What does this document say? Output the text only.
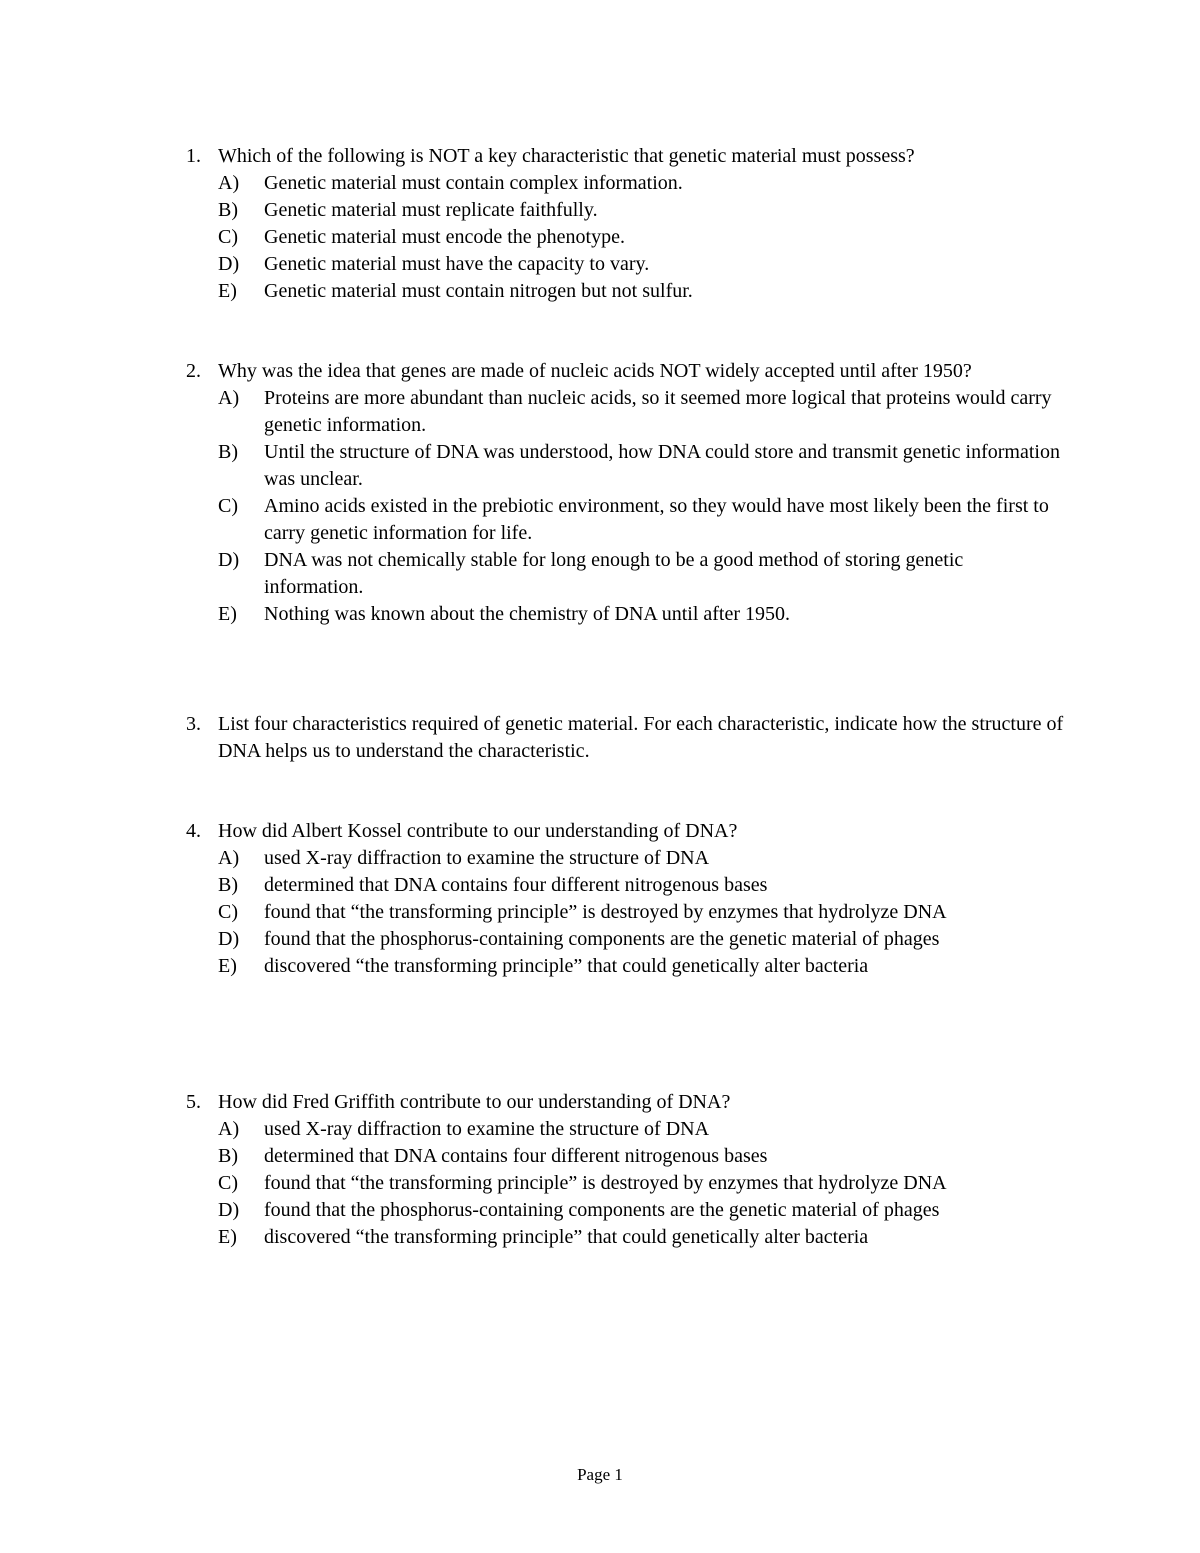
1. Which of the following is NOT a key characteristic that genetic material must possess?
A)	Genetic material must contain complex information.
B)	Genetic material must replicate faithfully.
C)	Genetic material must encode the phenotype.
D)	Genetic material must have the capacity to vary.
E)	Genetic material must contain nitrogen but not sulfur.
2. Why was the idea that genes are made of nucleic acids NOT widely accepted until after 1950?
A)	Proteins are more abundant than nucleic acids, so it seemed more logical that proteins would carry genetic information.
B)	Until the structure of DNA was understood, how DNA could store and transmit genetic information was unclear.
C)	Amino acids existed in the prebiotic environment, so they would have most likely been the first to carry genetic information for life.
D)	DNA was not chemically stable for long enough to be a good method of storing genetic information.
E)	Nothing was known about the chemistry of DNA until after 1950.
3. List four characteristics required of genetic material. For each characteristic, indicate how the structure of DNA helps us to understand the characteristic.
4. How did Albert Kossel contribute to our understanding of DNA?
A)	used X-ray diffraction to examine the structure of DNA
B)	determined that DNA contains four different nitrogenous bases
C)	found that “the transforming principle” is destroyed by enzymes that hydrolyze DNA
D)	found that the phosphorus-containing components are the genetic material of phages
E)	discovered “the transforming principle” that could genetically alter bacteria
5. How did Fred Griffith contribute to our understanding of DNA?
A)	used X-ray diffraction to examine the structure of DNA
B)	determined that DNA contains four different nitrogenous bases
C)	found that “the transforming principle” is destroyed by enzymes that hydrolyze DNA
D)	found that the phosphorus-containing components are the genetic material of phages
E)	discovered “the transforming principle” that could genetically alter bacteria
Page 1
